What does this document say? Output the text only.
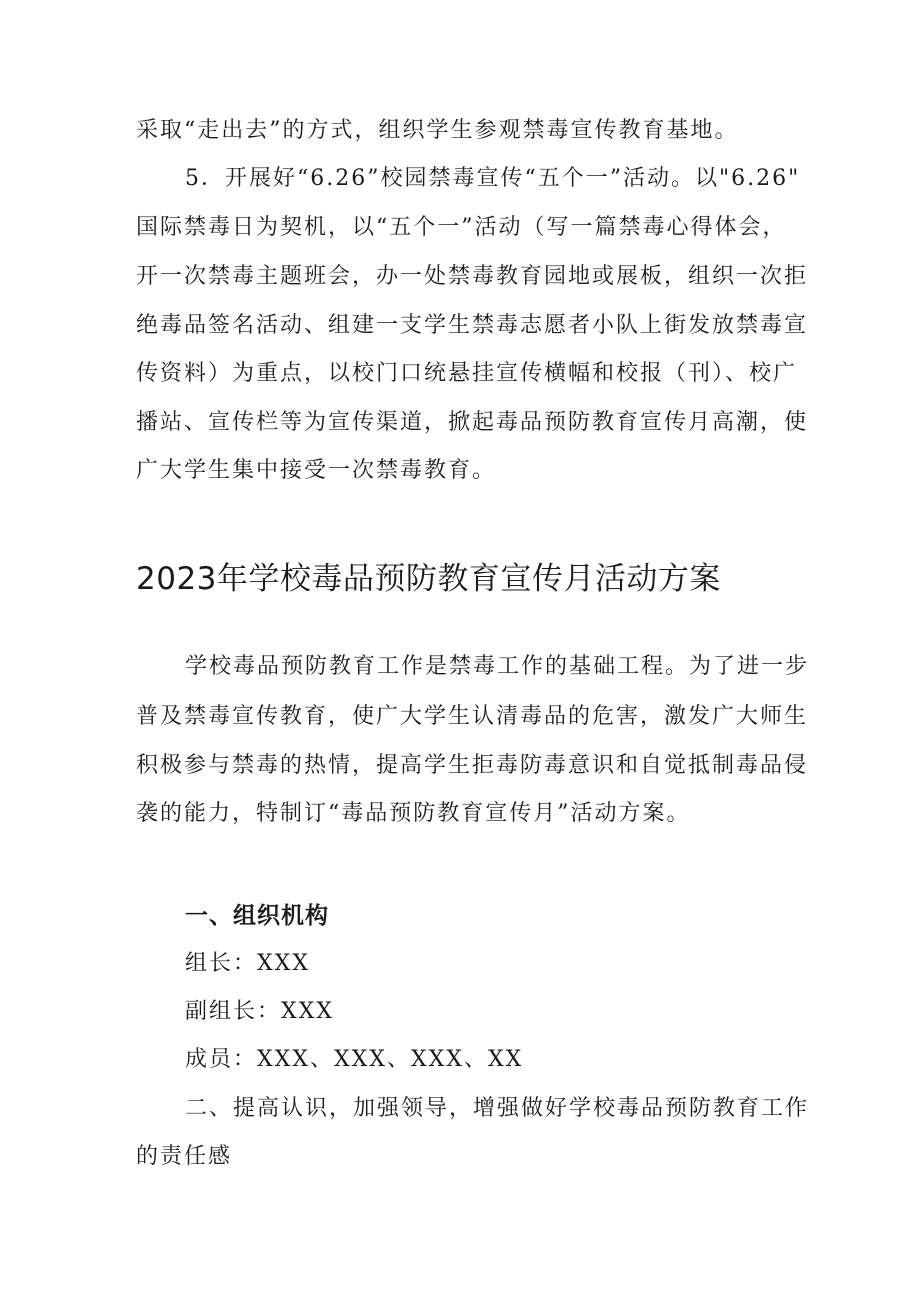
采取“走出去”的方式，组织学生参观禁毒宣传教育基地。
5．开展好“6.26”校园禁毒宣传“五个一”活动。以"6.26"
国际禁毒日为契机，以“五个一”活动（写一篇禁毒心得体会，
开一次禁毒主题班会，办一处禁毒教育园地或展板，组织一次拒
绝毒品签名活动、组建一支学生禁毒志愿者小队上街发放禁毒宣
传资料）为重点，以校门口统悬挂宣传横幅和校报（刊）、校广
播站、宣传栏等为宣传渠道，掀起毒品预防教育宣传月高潮，使
广大学生集中接受一次禁毒教育。
2023年学校毒品预防教育宣传月活动方案
学校毒品预防教育工作是禁毒工作的基础工程。为了进一步
普及禁毒宣传教育，使广大学生认清毒品的危害，激发广大师生
积极参与禁毒的热情，提高学生拒毒防毒意识和自觉抵制毒品侵
袭的能力，特制订“毒品预防教育宣传月”活动方案。
一、组织机构
组长：XXX
副组长：XXX
成员：XXX、XXX、XXX、XX
二、提高认识，加强领导，增强做好学校毒品预防教育工作
的责任感
